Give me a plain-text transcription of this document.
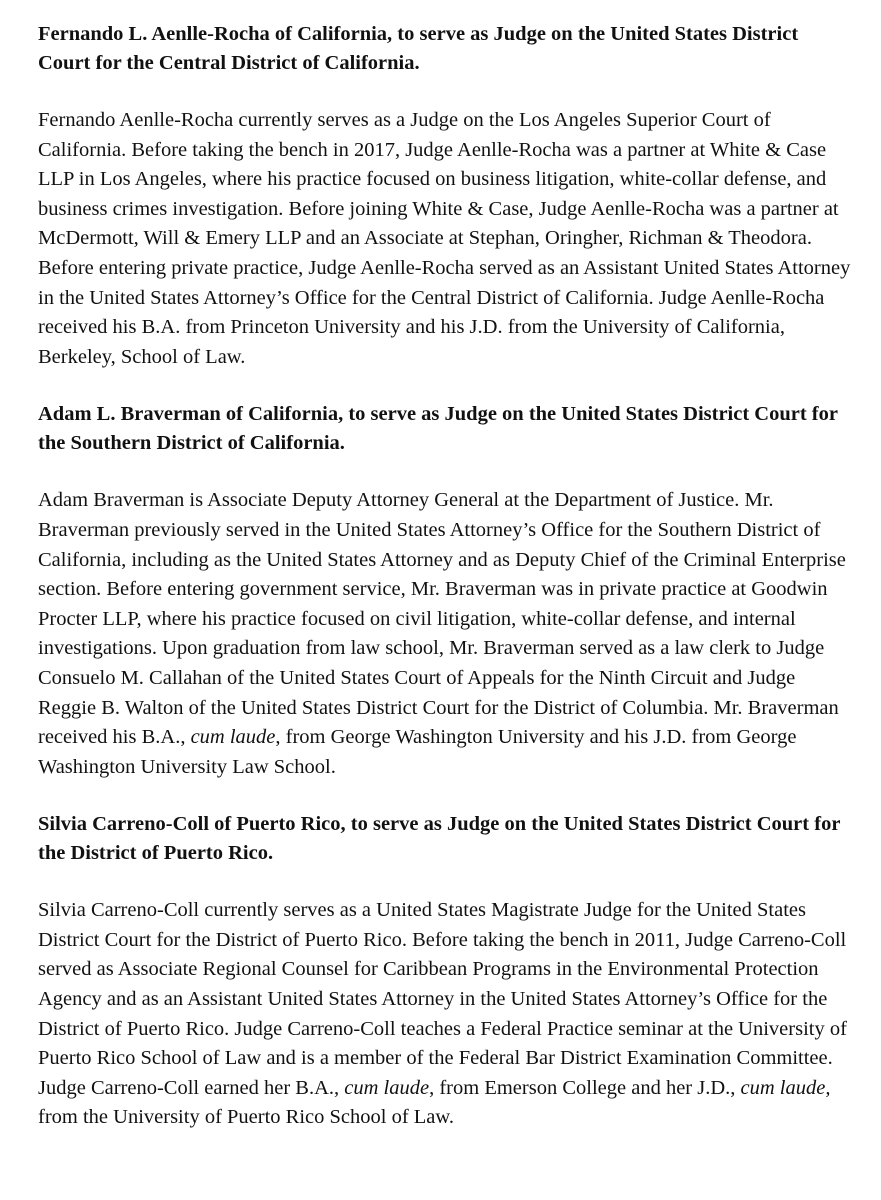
Fernando L. Aenlle-Rocha of California, to serve as Judge on the United States District Court for the Central District of California.

Fernando Aenlle-Rocha currently serves as a Judge on the Los Angeles Superior Court of California. Before taking the bench in 2017, Judge Aenlle-Rocha was a partner at White & Case LLP in Los Angeles, where his practice focused on business litigation, white-collar defense, and business crimes investigation. Before joining White & Case, Judge Aenlle-Rocha was a partner at McDermott, Will & Emery LLP and an Associate at Stephan, Oringher, Richman & Theodora. Before entering private practice, Judge Aenlle-Rocha served as an Assistant United States Attorney in the United States Attorney’s Office for the Central District of California. Judge Aenlle-Rocha received his B.A. from Princeton University and his J.D. from the University of California, Berkeley, School of Law.

Adam L. Braverman of California, to serve as Judge on the United States District Court for the Southern District of California.

Adam Braverman is Associate Deputy Attorney General at the Department of Justice. Mr. Braverman previously served in the United States Attorney’s Office for the Southern District of California, including as the United States Attorney and as Deputy Chief of the Criminal Enterprise section. Before entering government service, Mr. Braverman was in private practice at Goodwin Procter LLP, where his practice focused on civil litigation, white-collar defense, and internal investigations. Upon graduation from law school, Mr. Braverman served as a law clerk to Judge Consuelo M. Callahan of the United States Court of Appeals for the Ninth Circuit and Judge Reggie B. Walton of the United States District Court for the District of Columbia. Mr. Braverman received his B.A., cum laude, from George Washington University and his J.D. from George Washington University Law School.

Silvia Carreno-Coll of Puerto Rico, to serve as Judge on the United States District Court for the District of Puerto Rico.

Silvia Carreno-Coll currently serves as a United States Magistrate Judge for the United States District Court for the District of Puerto Rico. Before taking the bench in 2011, Judge Carreno-Coll served as Associate Regional Counsel for Caribbean Programs in the Environmental Protection Agency and as an Assistant United States Attorney in the United States Attorney’s Office for the District of Puerto Rico. Judge Carreno-Coll teaches a Federal Practice seminar at the University of Puerto Rico School of Law and is a member of the Federal Bar District Examination Committee. Judge Carreno-Coll earned her B.A., cum laude, from Emerson College and her J.D., cum laude, from the University of Puerto Rico School of Law.
